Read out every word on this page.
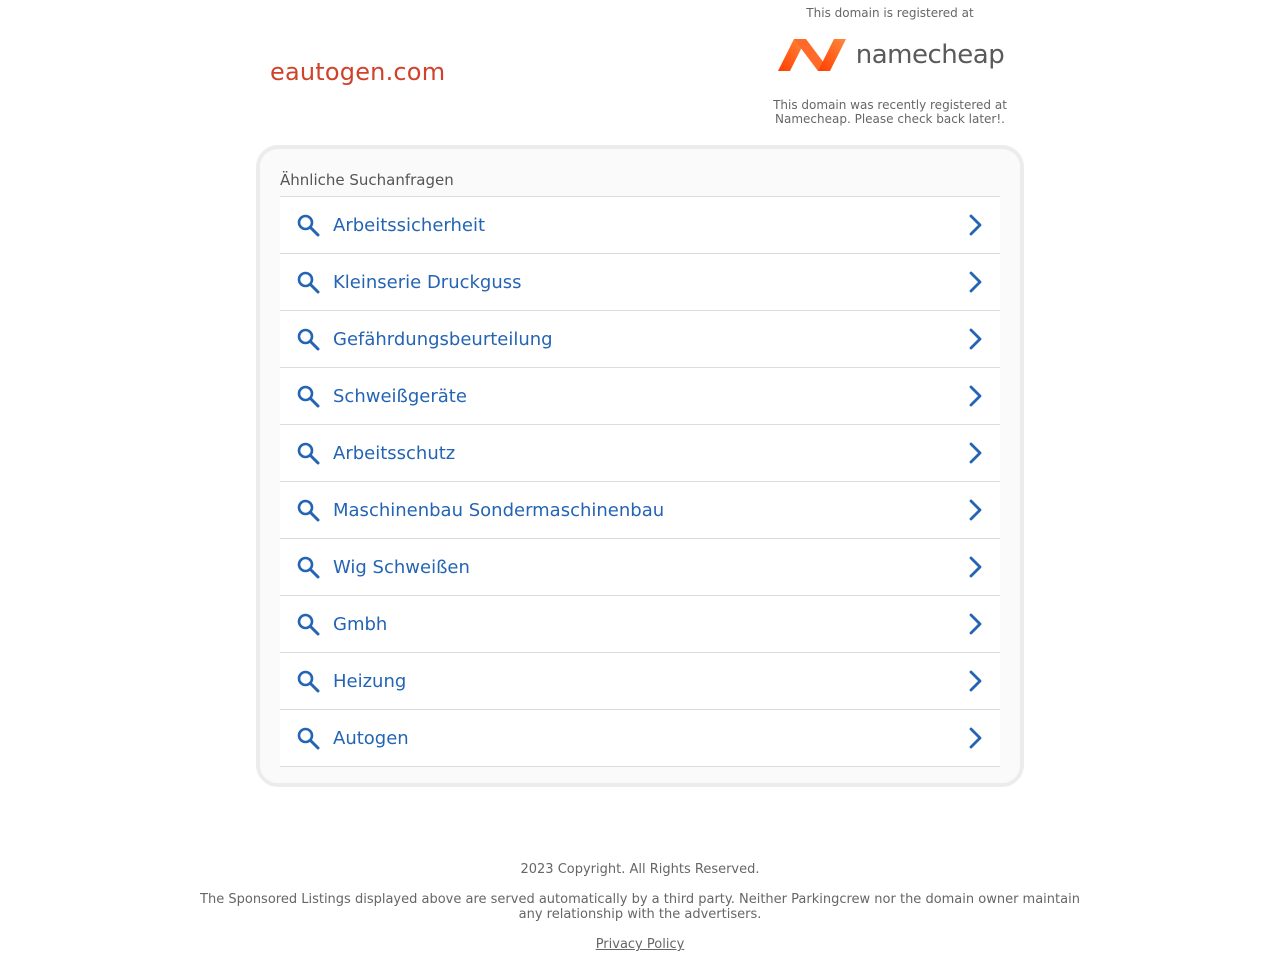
eautogen.com
This domain is registered at
namecheap
This domain was recently registered at Namecheap. Please check back later!.
Ähnliche Suchanfragen
Arbeitssicherheit
Kleinserie Druckguss
Gefährdungsbeurteilung
Schweißgeräte
Arbeitsschutz
Maschinenbau Sondermaschinenbau
Wig Schweißen
Gmbh
Heizung
Autogen
2023 Copyright. All Rights Reserved.
The Sponsored Listings displayed above are served automatically by a third party. Neither Parkingcrew nor the domain owner maintain any relationship with the advertisers.
Privacy Policy
